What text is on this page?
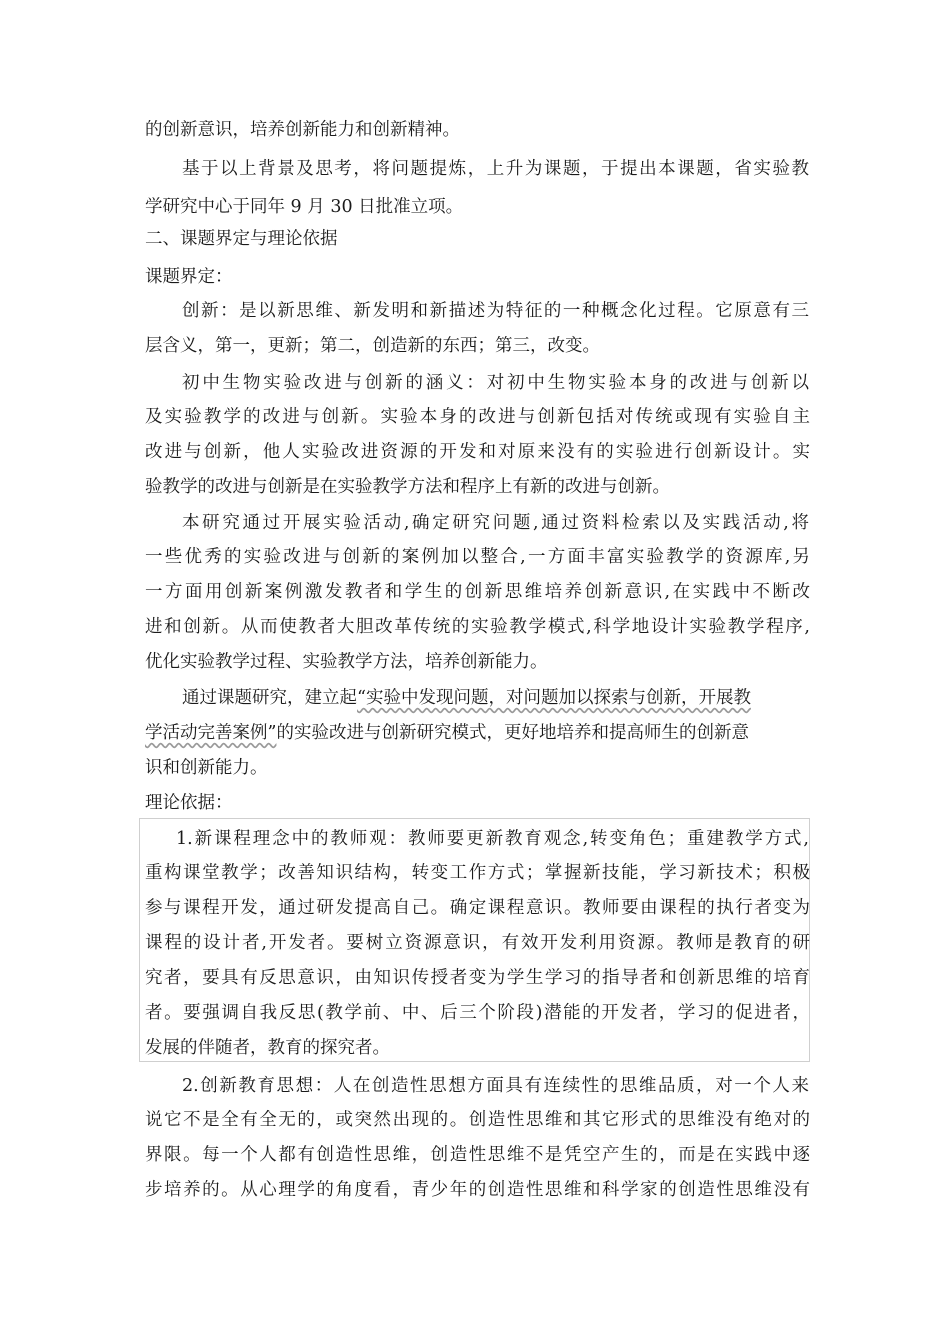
的创新意识，培养创新能力和创新精神。
基于以上背景及思考，将问题提炼，上升为课题，于提出本课题，省实验教
学研究中心于同年 9 月 30 日批准立项。
二、课题界定与理论依据
课题界定：
创新：是以新思维、新发明和新描述为特征的一种概念化过程。它原意有三
层含义，第一，更新；第二，创造新的东西；第三，改变。
初中生物实验改进与创新的涵义：对初中生物实验本身的改进与创新以
及实验教学的改进与创新。实验本身的改进与创新包括对传统或现有实验自主
改进与创新，他人实验改进资源的开发和对原来没有的实验进行创新设计。实
验教学的改进与创新是在实验教学方法和程序上有新的改进与创新。
本研究通过开展实验活动,确定研究问题,通过资料检索以及实践活动,将
一些优秀的实验改进与创新的案例加以整合,一方面丰富实验教学的资源库,另
一方面用创新案例激发教者和学生的创新思维培养创新意识,在实践中不断改
进和创新。从而使教者大胆改革传统的实验教学模式,科学地设计实验教学程序,
优化实验教学过程、实验教学方法，培养创新能力。
通过课题研究，建立起“实验中发现问题，对问题加以探索与创新，开展教
学活动完善案例”的实验改进与创新研究模式，更好地培养和提高师生的创新意
识和创新能力。
理论依据：
1.新课程理念中的教师观：教师要更新教育观念,转变角色；重建教学方式,
重构课堂教学；改善知识结构，转变工作方式；掌握新技能，学习新技术；积极
参与课程开发，通过研发提高自己。确定课程意识。教师要由课程的执行者变为
课程的设计者,开发者。要树立资源意识，有效开发利用资源。教师是教育的研
究者，要具有反思意识，由知识传授者变为学生学习的指导者和创新思维的培育
者。要强调自我反思(教学前、中、后三个阶段)潜能的开发者，学习的促进者，
发展的伴随者，教育的探究者。
2.创新教育思想：人在创造性思想方面具有连续性的思维品质，对一个人来
说它不是全有全无的，或突然出现的。创造性思维和其它形式的思维没有绝对的
界限。每一个人都有创造性思维，创造性思维不是凭空产生的，而是在实践中逐
步培养的。从心理学的角度看，青少年的创造性思维和科学家的创造性思维没有
